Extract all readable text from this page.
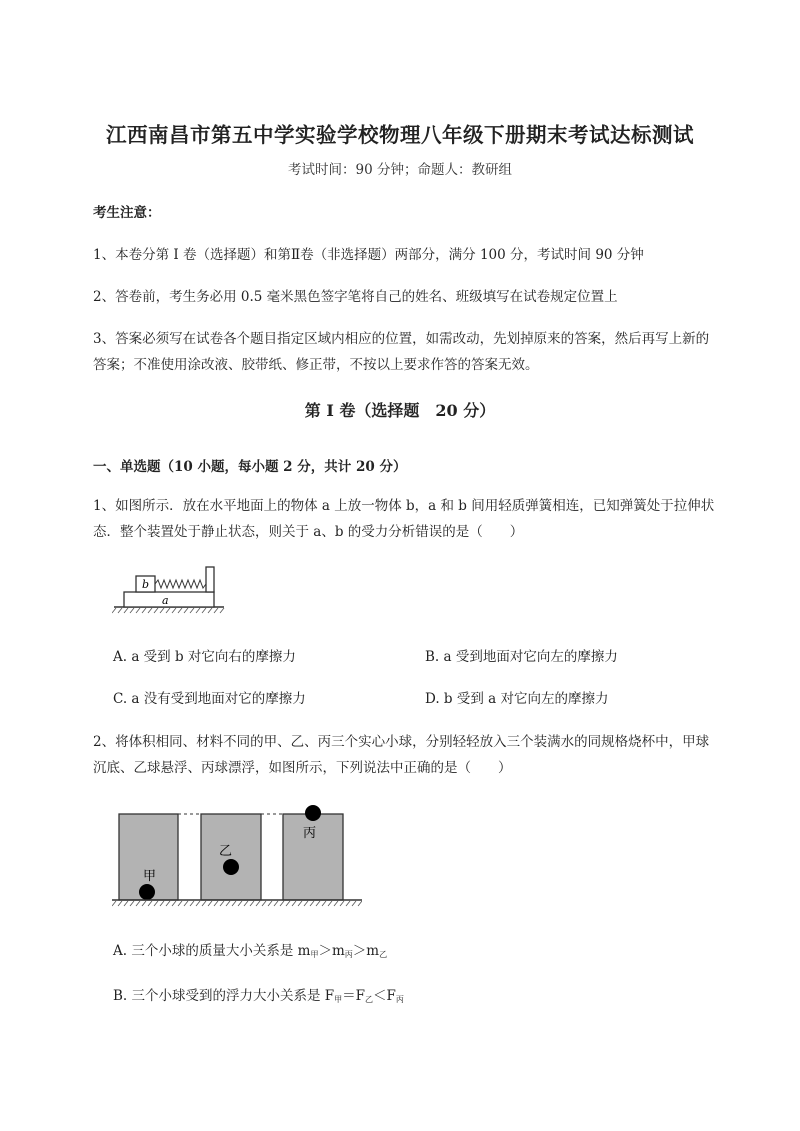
江西南昌市第五中学实验学校物理八年级下册期末考试达标测试
考试时间：90 分钟；命题人：教研组
考生注意：
1、本卷分第 I 卷（选择题）和第Ⅱ卷（非选择题）两部分，满分 100 分，考试时间 90 分钟
2、答卷前，考生务必用 0.5 毫米黑色签字笔将自己的姓名、班级填写在试卷规定位置上
3、答案必须写在试卷各个题目指定区域内相应的位置，如需改动，先划掉原来的答案，然后再写上新的答案；不准使用涂改液、胶带纸、修正带，不按以上要求作答的答案无效。
第 I 卷（选择题　20 分）
一、单选题（10 小题，每小题 2 分，共计 20 分）
1、如图所示．放在水平地面上的物体 a 上放一物体 b，a 和 b 间用轻质弹簧相连，已知弹簧处于拉伸状态．整个装置处于静止状态，则关于 a、b 的受力分析错误的是（　　）
a
b
A. a 受到 b 对它向右的摩擦力	B. a 受到地面对它向左的摩擦力
C. a 没有受到地面对它的摩擦力	D. b 受到 a 对它向左的摩擦力
2、将体积相同、材料不同的甲、乙、丙三个实心小球，分别轻轻放入三个装满水的同规格烧杯中，甲球沉底、乙球悬浮、丙球漂浮，如图所示，下列说法中正确的是（　　）
甲
乙
丙
A. 三个小球的质量大小关系是 $m_甲>m_丙>m_乙$
B. 三个小球受到的浮力大小关系是 $F_甲=F_乙<F_丙$
